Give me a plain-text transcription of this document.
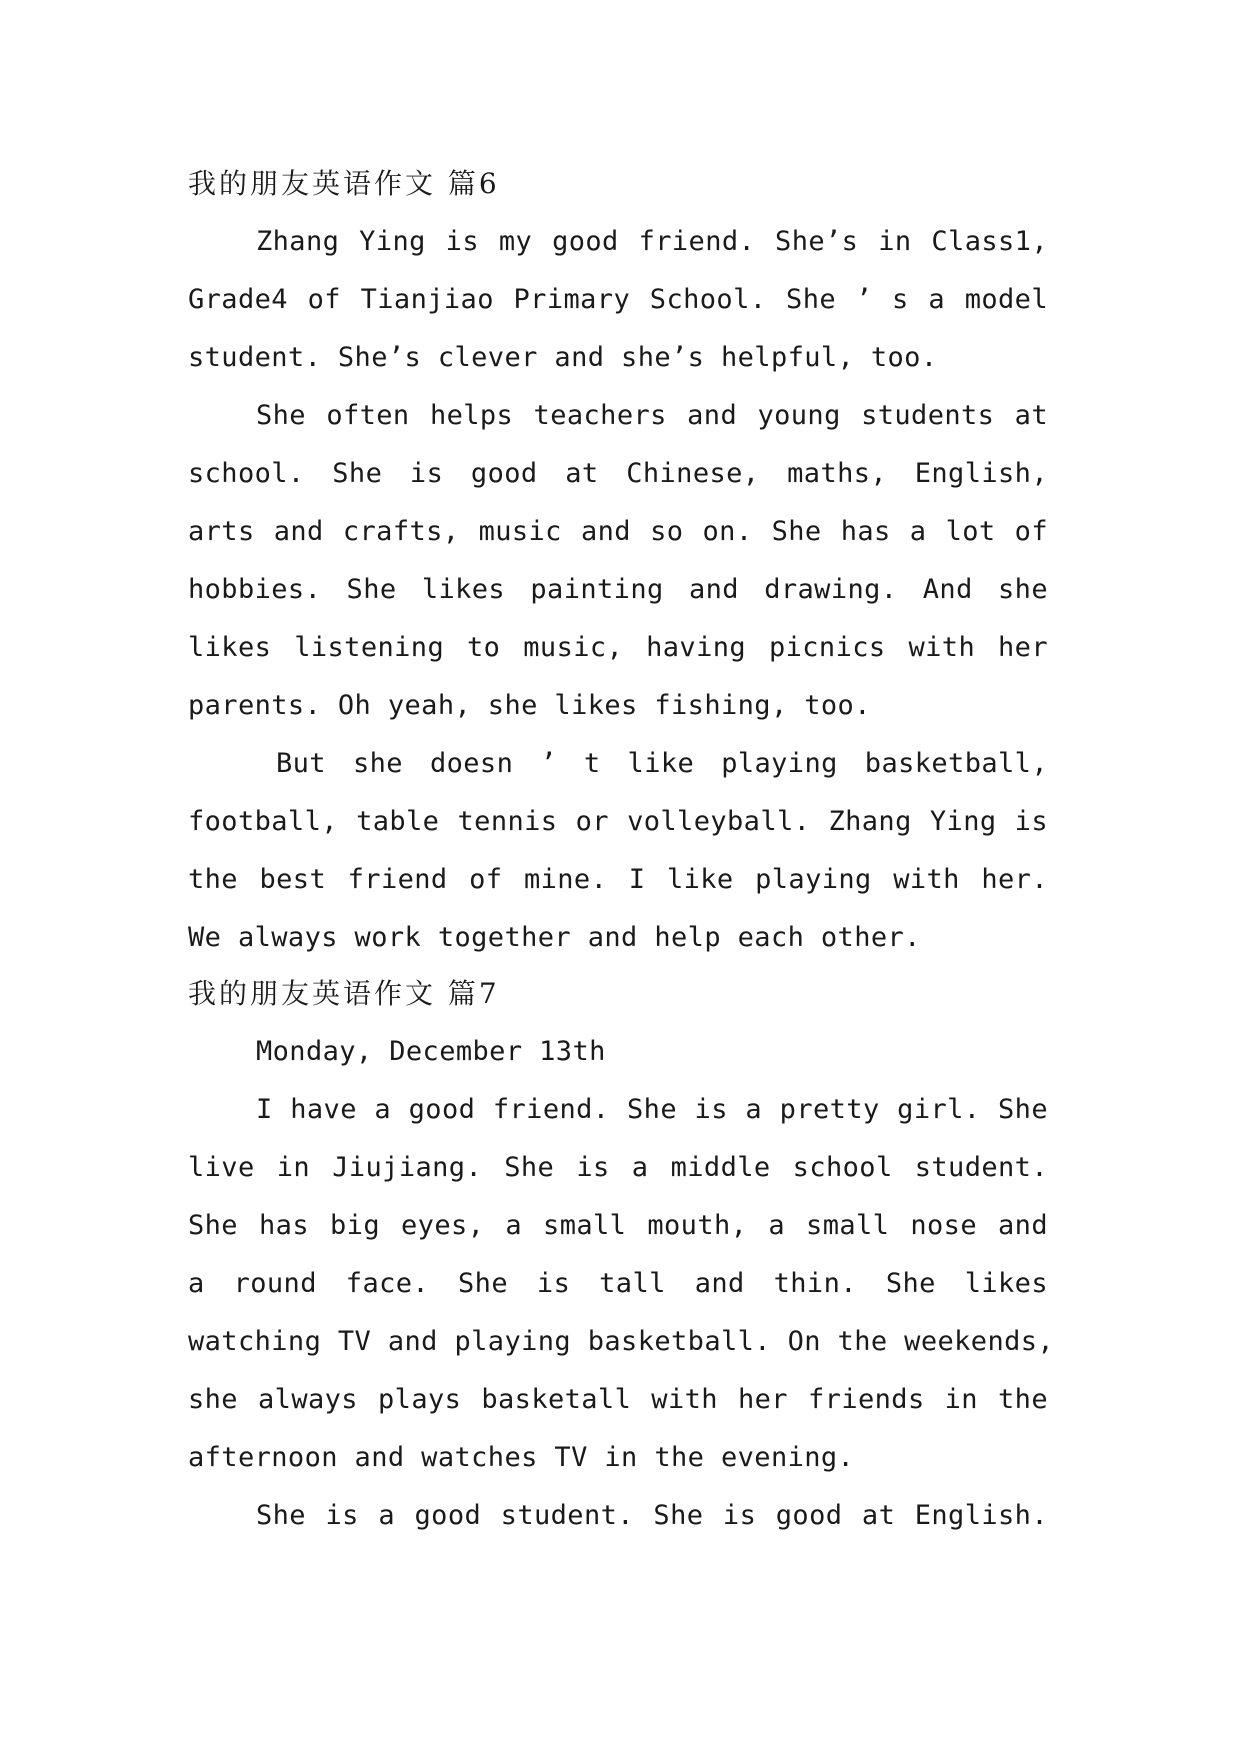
我的朋友英语作文 篇6
Zhang Ying is my good friend. She’s in Class1,
Grade4 of Tianjiao Primary School. She ’ s a model
student. She’s clever and she’s helpful, too.
She often helps teachers and young students at
school. She is good at Chinese, maths, English,
arts and crafts, music and so on. She has a lot of
hobbies. She likes painting and drawing. And she
likes listening to music, having picnics with her
parents. Oh yeah, she likes fishing, too.
But she doesn ’ t like playing basketball,
football, table tennis or volleyball. Zhang Ying is
the best friend of mine. I like playing with her.
We always work together and help each other.
我的朋友英语作文 篇7
Monday, December 13th
I have a good friend. She is a pretty girl. She
live in Jiujiang. She is a middle school student.
She has big eyes, a small mouth, a small nose and
a round face. She is tall and thin. She likes
watching TV and playing basketball. On the weekends,
she always plays basketall with her friends in the
afternoon and watches TV in the evening.
She is a good student. She is good at English.
